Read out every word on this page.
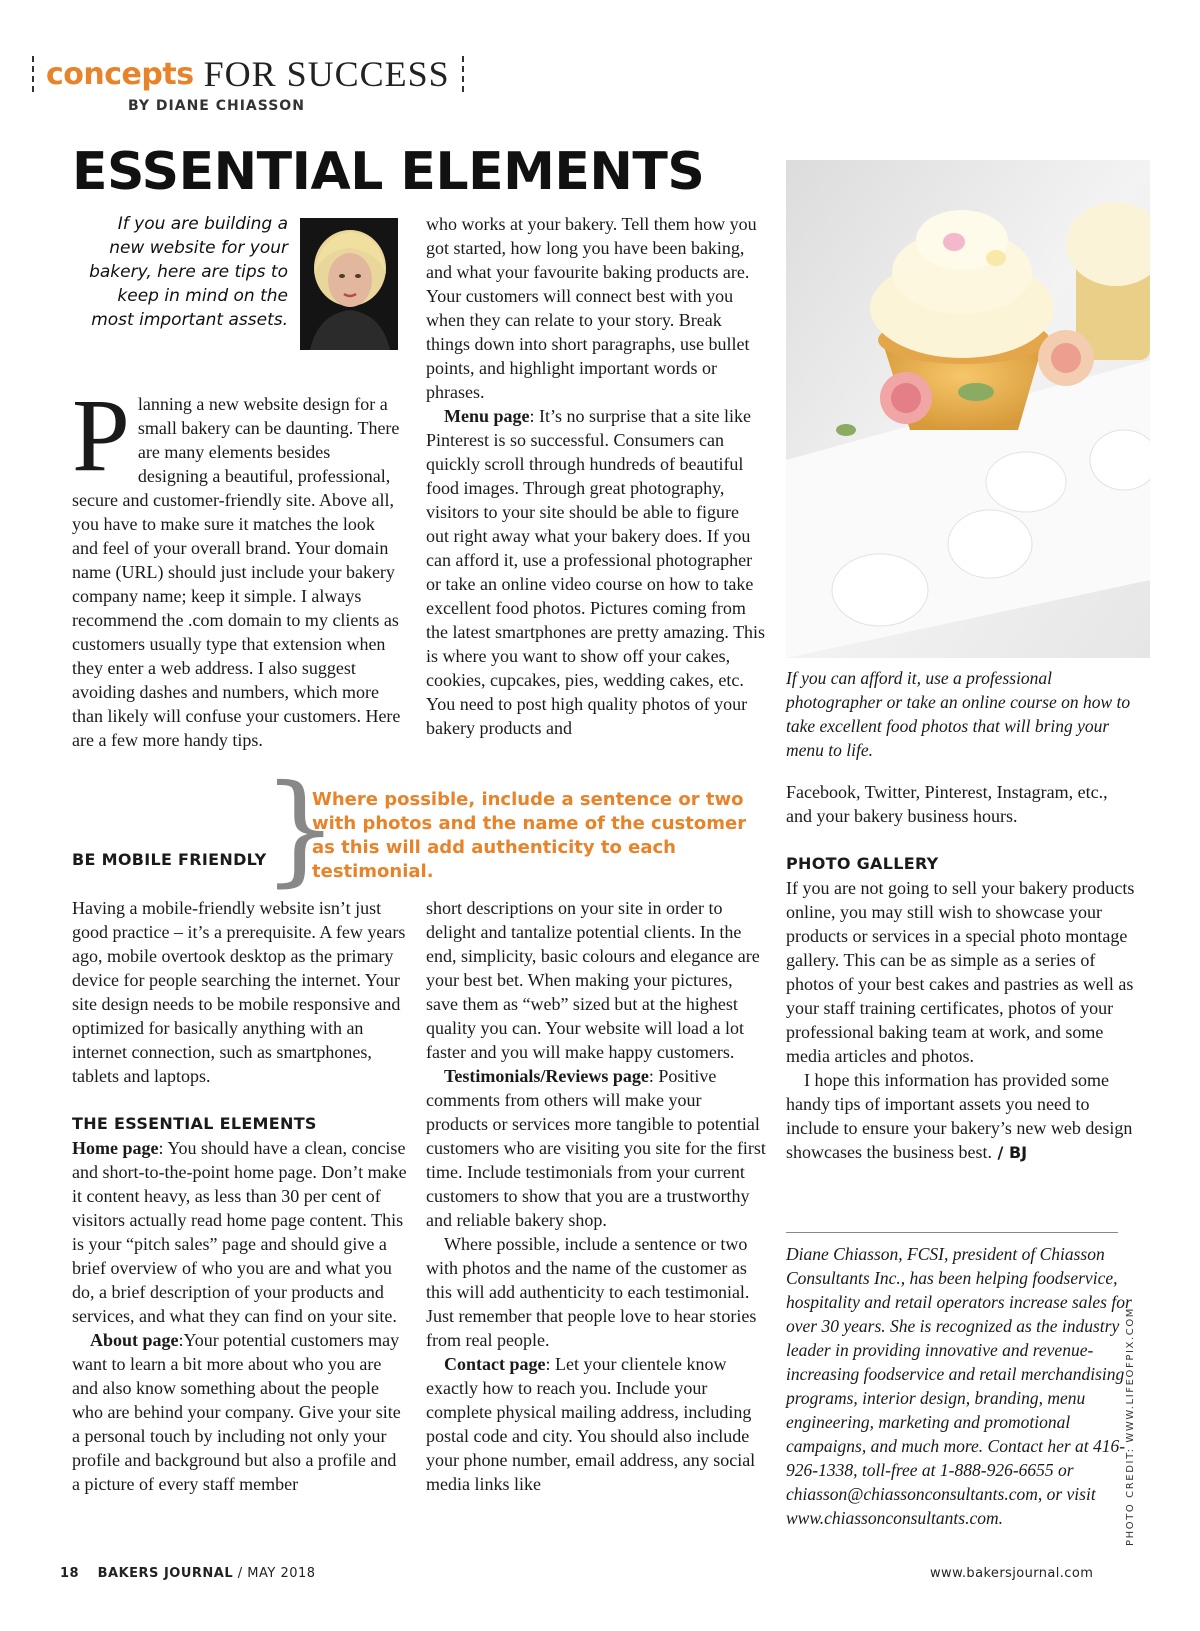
concepts FOR SUCCESS
BY DIANE CHIASSON
ESSENTIAL ELEMENTS
If you are building a new website for your bakery, here are tips to keep in mind on the most important assets.

Planning a new website design for a small bakery can be daunting. There are many elements besides designing a beautiful, professional, secure and customer-friendly site. Above all, you have to make sure it matches the look and feel of your overall brand. Your domain name (URL) should just include your bakery company name; keep it simple. I always recommend the .com domain to my clients as customers usually type that extension when they enter a web address. I also suggest avoiding dashes and numbers, which more than likely will confuse your customers. Here are a few more handy tips.

BE MOBILE FRIENDLY

Having a mobile-friendly website isn’t just good practice – it’s a prerequisite. A few years ago, mobile overtook desktop as the primary device for people searching the internet. Your site design needs to be mobile responsive and optimized for basically anything with an internet connection, such as smartphones, tablets and laptops.

THE ESSENTIAL ELEMENTS

Home page: You should have a clean, concise and short-to-the-point home page. Don’t make it content heavy, as less than 30 per cent of visitors actually read home page content. This is your “pitch sales” page and should give a brief overview of who you are and what you do, a brief description of your products and services, and what they can find on your site.

About page:Your potential customers may want to learn a bit more about who you are and also know something about the people who are behind your company. Give your site a personal touch by including not only your profile and background but also a profile and a picture of every staff member

who works at your bakery. Tell them how you got started, how long you have been baking, and what your favourite baking products are. Your customers will connect best with you when they can relate to your story. Break things down into short paragraphs, use bullet points, and highlight important words or phrases.

Menu page: It’s no surprise that a site like Pinterest is so successful. Consumers can quickly scroll through hundreds of beautiful food images. Through great photography, visitors to your site should be able to figure out right away what your bakery does. If you can afford it, use a professional photographer or take an online video course on how to take excellent food photos. Pictures coming from the latest smartphones are pretty amazing. This is where you want to show off your cakes, cookies, cupcakes, pies, wedding cakes, etc. You need to post high quality photos of your bakery products and

}
Where possible, include a sentence or two with photos and the name of the customer as this will add authenticity to each testimonial.

short descriptions on your site in order to delight and tantalize potential clients. In the end, simplicity, basic colours and elegance are your best bet. When making your pictures, save them as “web” sized but at the highest quality you can. Your website will load a lot faster and you will make happy customers.

Testimonials/Reviews page: Positive comments from others will make your products or services more tangible to potential customers who are visiting you site for the first time. Include testimonials from your current customers to show that you are a trustworthy and reliable bakery shop.

Where possible, include a sentence or two with photos and the name of the customer as this will add authenticity to each testimonial. Just remember that people love to hear stories from real people.

Contact page: Let your clientele know exactly how to reach you. Include your complete physical mailing address, including postal code and city. You should also include your phone number, email address, any social media links like

If you can afford it, use a professional photographer or take an online course on how to take excellent food photos that will bring your menu to life.

Facebook, Twitter, Pinterest, Instagram, etc., and your bakery business hours.

PHOTO GALLERY

If you are not going to sell your bakery products online, you may still wish to showcase your products or services in a special photo montage gallery. This can be as simple as a series of photos of your best cakes and pastries as well as your staff training certificates, photos of your professional baking team at work, and some media articles and photos.

I hope this information has provided some handy tips of important assets you need to include to ensure your bakery’s new web design showcases the business best. / BJ

Diane Chiasson, FCSI, president of Chiasson Consultants Inc., has been helping foodservice, hospitality and retail operators increase sales for over 30 years. She is recognized as the industry leader in providing innovative and revenue-increasing foodservice and retail merchandising programs, interior design, branding, menu engineering, marketing and promotional campaigns, and much more. Contact her at 416-926-1338, toll-free at 1-888-926-6655 or chiasson@chiassonconsultants.com, or visit www.chiassonconsultants.com.	PHOTO CREDIT: WWW.LIFEOFPIX.COM
18 BAKERS JOURNAL / MAY 2018	www.bakersjournal.com
